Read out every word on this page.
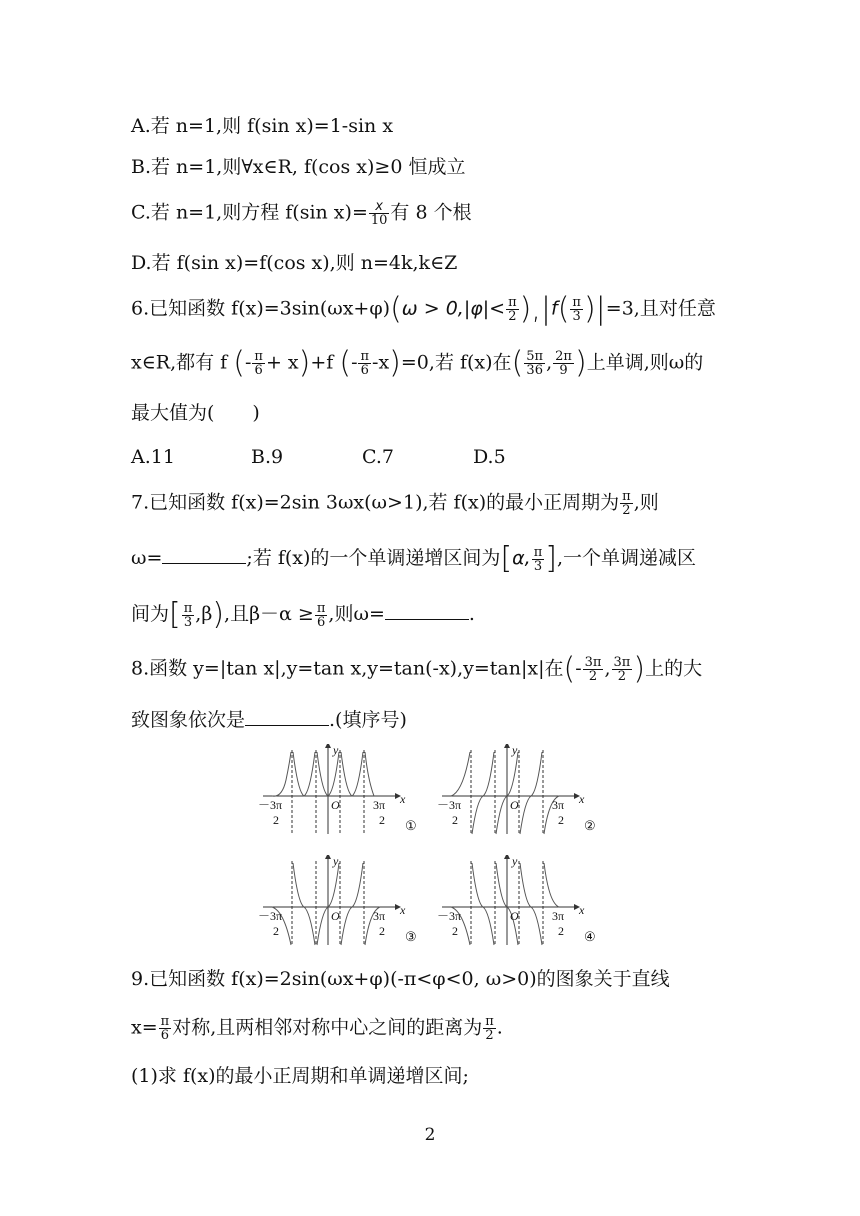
A.若 n=1,则 f(sin x)=1-sin x
B.若 n=1,则∀x∈R, f(cos x)≥0 恒成立
C.若 n=1,则方程 f(sin $x)= \frac{x}{10}$ 有 8 个根
D.若 f(sin x)=f(cos x),则 n=4k,k∈Z
6.已知函数 $f(x)=3\sin(\omega x+\varphi)(\omega > 0,|\varphi|< \frac{\pi}{2} ),|f( \frac{\pi}{3} )|=3$,且对任意
x∈R,都有 f (- $\frac{\pi}{6} + x)+f$ (- $\frac{\pi}{6} -x)=0$,若 f(x)在( $\frac{5\pi}{36}$ , $\frac{2\pi}{9}$ )上单调,则ω的
最大值为(　　)
A.11	B.9	C.7	D.5
7.已知函数 f(x)=2sin 3ωx(ω>1),若 f(x)的最小正周期为 $\frac{\pi}{2}$ ,则
ω=	;若 f(x)的一个单调递增区间为[α, $\frac{\pi}{3}$ ],一个单调递减区
间为[ $\frac{\pi}{3} ,\beta$),且$\beta-\alpha \ge \frac{\pi}{6}$ ,则ω=	.
8.函数 y=|tan x|,y=tan x,y=tan(-x),y=tan|x|在(- $\frac{3\pi}{2}$ , $\frac{3\pi}{2}$ )上的大
致图象依次是	.(填序号)
－3π
2
3π
2
O	x
y
①
－3π
2
3π
2
O	x
y
②
－3π
2
3π
2
O	x
y
③
－3π
2
3π
2
O	x
y
④
9.已知函数 f(x)=2sin(ωx+φ)(-π<φ<0, ω>0)的图象关于直线
$x= \frac{\pi}{6}$ 对称,且两相邻对称中心之间的距离为 $\frac{\pi}{2}$ .
(1)求 f(x)的最小正周期和单调递增区间;
2
